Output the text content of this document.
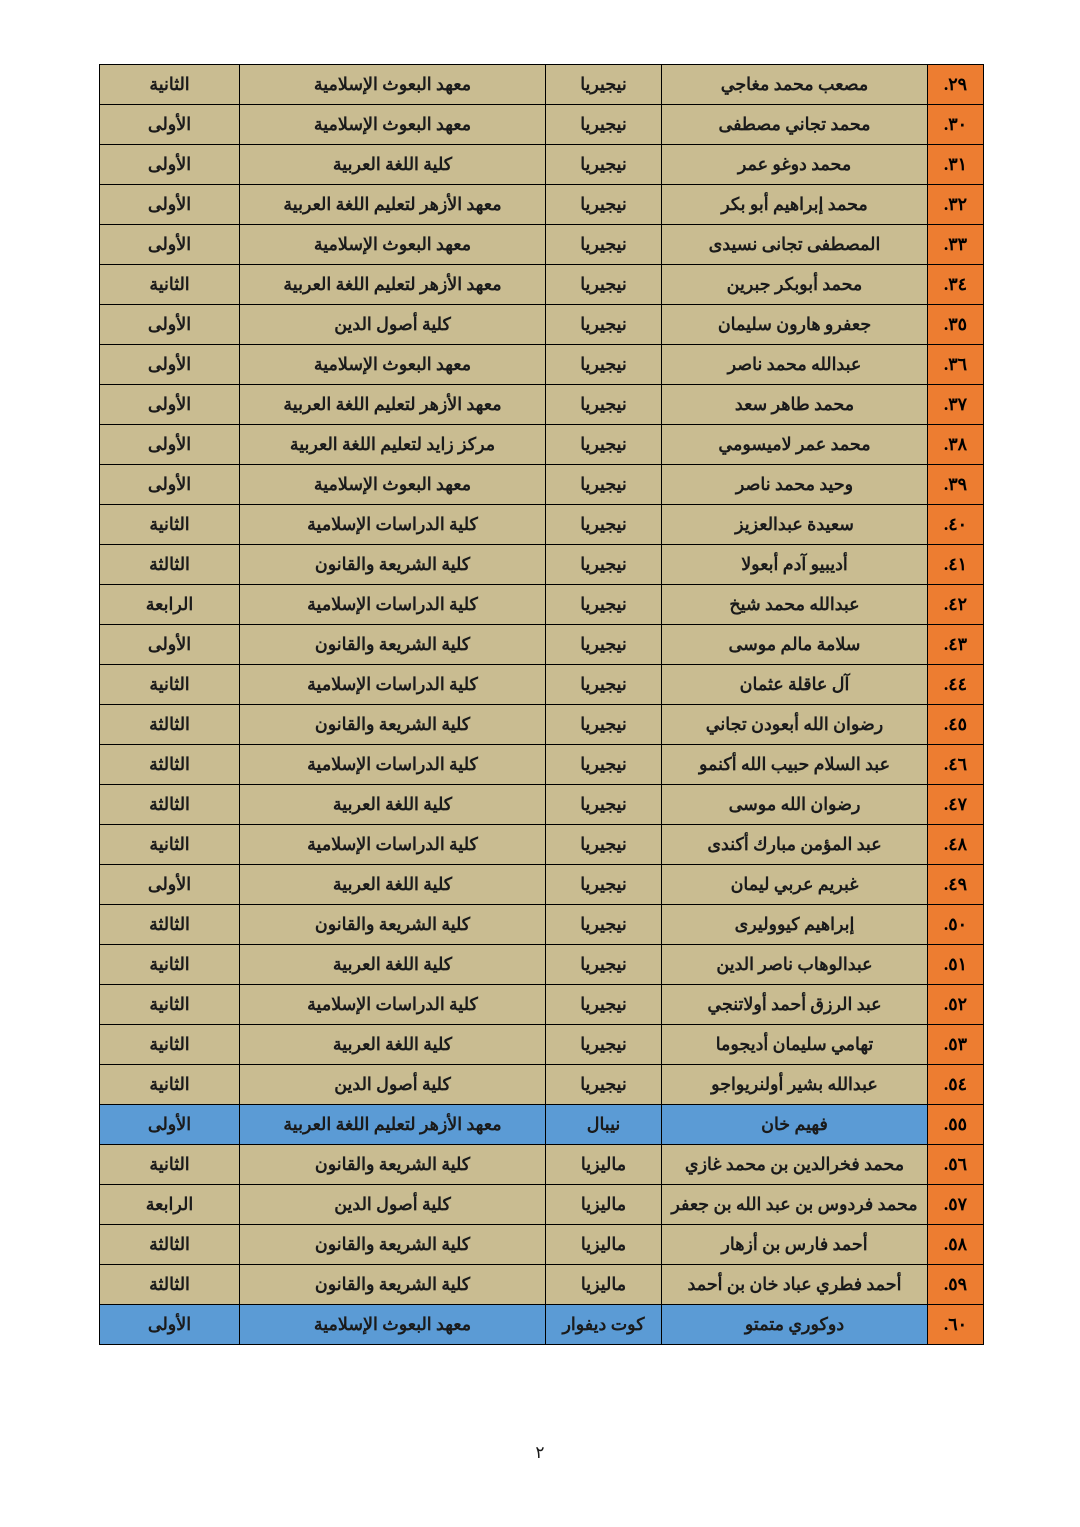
٢٩.	مصعب محمد مغاجي	نيجيريا	معهد البعوث الإسلامية	الثانية
٣٠.	محمد تجاني مصطفى	نيجيريا	معهد البعوث الإسلامية	الأولى
٣١.	محمد دوغو عمر	نيجيريا	كلية اللغة العربية	الأولى
٣٢.	محمد إبراهيم أبو بكر	نيجيريا	معهد الأزهر لتعليم اللغة العربية	الأولى
٣٣.	المصطفى تجانى نسيدى	نيجيريا	معهد البعوث الإسلامية	الأولى
٣٤.	محمد أبوبكر جبرين	نيجيريا	معهد الأزهر لتعليم اللغة العربية	الثانية
٣٥.	جعفرو هارون سليمان	نيجيريا	كلية أصول الدين	الأولى
٣٦.	عبدالله محمد ناصر	نيجيريا	معهد البعوث الإسلامية	الأولى
٣٧.	محمد طاهر سعد	نيجيريا	معهد الأزهر لتعليم اللغة العربية	الأولى
٣٨.	محمد عمر لاميسومي	نيجيريا	مركز زايد لتعليم اللغة العربية	الأولى
٣٩.	وحيد محمد ناصر	نيجيريا	معهد البعوث الإسلامية	الأولى
٤٠.	سعيدة عبدالعزيز	نيجيريا	كلية الدراسات الإسلامية	الثانية
٤١.	أديبيو آدم أبعولا	نيجيريا	كلية الشريعة والقانون	الثالثة
٤٢.	عبدالله محمد شيخ	نيجيريا	كلية الدراسات الإسلامية	الرابعة
٤٣.	سلامة مالم موسى	نيجيريا	كلية الشريعة والقانون	الأولى
٤٤.	آل عاقلة عثمان	نيجيريا	كلية الدراسات الإسلامية	الثانية
٤٥.	رضوان الله أبعودن تجاني	نيجيريا	كلية الشريعة والقانون	الثالثة
٤٦.	عبد السلام حبيب الله أكنمو	نيجيريا	كلية الدراسات الإسلامية	الثالثة
٤٧.	رضوان الله موسى	نيجيريا	كلية اللغة العربية	الثالثة
٤٨.	عبد المؤمن مبارك أكندى	نيجيريا	كلية الدراسات الإسلامية	الثانية
٤٩.	غبريم عربي ليمان	نيجيريا	كلية اللغة العربية	الأولى
٥٠.	إبراهيم كيووليرى	نيجيريا	كلية الشريعة والقانون	الثالثة
٥١.	عبدالوهاب ناصر الدين	نيجيريا	كلية اللغة العربية	الثانية
٥٢.	عبد الرزق أحمد أولاتنجي	نيجيريا	كلية الدراسات الإسلامية	الثانية
٥٣.	تهامي سليمان أديجوما	نيجيريا	كلية اللغة العربية	الثانية
٥٤.	عبدالله بشير أولنريواجو	نيجيريا	كلية أصول الدين	الثانية
٥٥.	فهيم خان	نيبال	معهد الأزهر لتعليم اللغة العربية	الأولى
٥٦.	محمد فخرالدين بن محمد غازي	ماليزيا	كلية الشريعة والقانون	الثانية
٥٧.	محمد فردوس بن عبد الله بن جعفر	ماليزيا	كلية أصول الدين	الرابعة
٥٨.	أحمد فارس بن أزهار	ماليزيا	كلية الشريعة والقانون	الثالثة
٥٩.	أحمد فطري عباد خان بن أحمد	ماليزيا	كلية الشريعة والقانون	الثالثة
٦٠.	دوكوري متمتو	كوت ديفوار	معهد البعوث الإسلامية	الأولى
٢
